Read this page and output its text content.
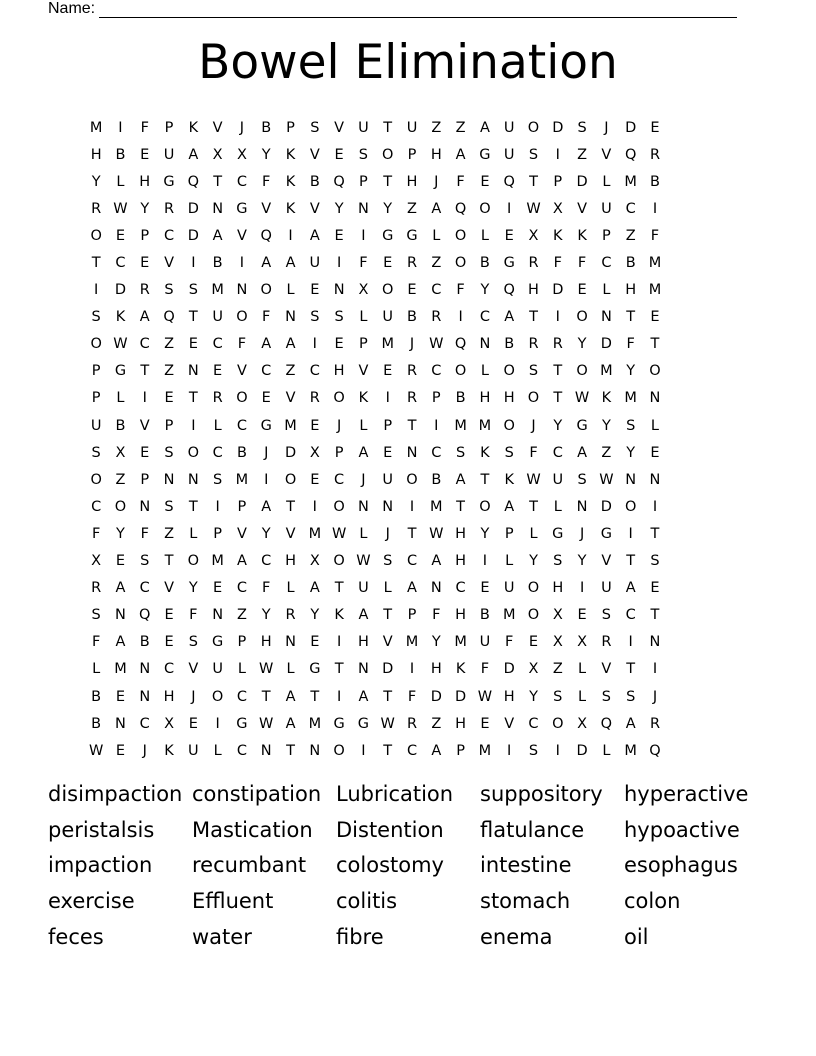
Name:
Bowel Elimination
M	I	F	P	K	V	J	B	P	S	V U	T	U Z Z A U O D S	J	D E
H B	E U A X X	Y	K	V	E	S O P H A G U S	I	Z V Q R
Y	L	H G Q T	C	F	K	B Q P	T H	J	F	E Q T	P D	L M B
R W Y	R D N G V	K	V	Y N Y	Z A Q O	I	W X V U C	I
O E	P	C D A V Q	I	A	E	I	G G	L	O	L	E	X	K	K	P	Z	F
T	C	E	V	I	B	I	A A U	I	F	E	R Z O B G R	F	F	C B M
I	D R	S	S M N O	L	E N X O E	C	F	Y Q H D E	L	H M
S	K	A Q T	U O F	N S	S	L	U B R	I	C A	T	I	O N T	E
O W C Z	E	C	F	A A	I	E	P M	J	W Q N B R R	Y D	F	T
P G T	Z N E	V C Z C H V	E	R C O	L	O S	T O M Y O
P	L	I	E	T	R O E	V R O K	I	R	P	B H H O T W K M N
U B V	P	I	L	C G M E	J	L	P	T	I	M M O	J	Y G Y	S	L
S	X	E	S O C B	J	D X	P	A	E N C	S	K	S	F	C A Z	Y	E
O Z	P	N N S M	I	O E	C	J	U O B A	T	K W U S W N N
C O N S	T	I	P	A	T	I	O N N	I	M T O A	T	L	N D O	I
F	Y	F	Z	L	P	V	Y	V M W L	J	T W H Y	P	L	G	J	G	I	T
X	E	S	T O M A C H X O W S	C A H	I	L	Y	S	Y	V	T	S
R A C V	Y	E	C	F	L	A	T	U	L	A N C	E U O H	I	U A	E
S N Q E	F	N Z	Y	R	Y	K	A	T	P	F	H B M O X	E	S	C	T
F	A B	E	S G P H N E	I	H V M Y M U	F	E	X X R	I	N
L M N C V U	L W L	G T N D	I	H K	F	D X Z	L	V	T	I
B	E N H	J	O C	T	A	T	I	A	T	F	D D W H Y	S	L	S	S	J
B N C X	E	I	G W A M G G W R Z H E	V C O X Q A R
W E	J	K U	L	C N T N O	I	T	C A	P M	I	S	I	D	L M Q
disimpaction constipation Lubrication	suppository	hyperactive
peristalsis	Mastication	Distention	flatulance	hypoactive
impaction	recumbant	colostomy	intestine	esophagus
exercise	Effluent	colitis	stomach	colon
feces	water	fibre	enema	oil
